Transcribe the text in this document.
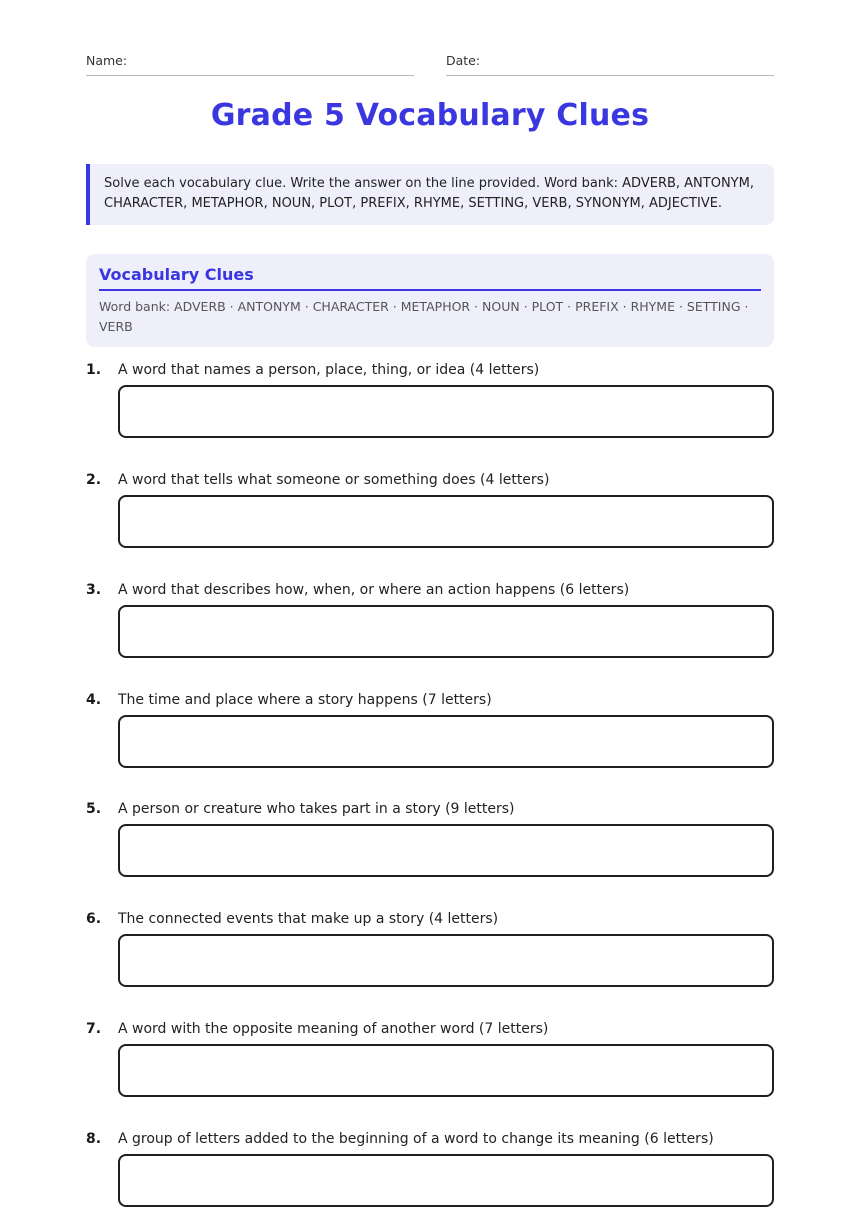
Name:	Date:
Grade 5 Vocabulary Clues
Solve each vocabulary clue. Write the answer on the line provided. Word bank: ADVERB, ANTONYM, CHARACTER, METAPHOR, NOUN, PLOT, PREFIX, RHYME, SETTING, VERB, SYNONYM, ADJECTIVE.
Vocabulary Clues
Word bank: ADVERB · ANTONYM · CHARACTER · METAPHOR · NOUN · PLOT · PREFIX · RHYME · SETTING · VERB
1.	A word that names a person, place, thing, or idea (4 letters)
2.	A word that tells what someone or something does (4 letters)
3.	A word that describes how, when, or where an action happens (6 letters)
4.	The time and place where a story happens (7 letters)
5.	A person or creature who takes part in a story (9 letters)
6.	The connected events that make up a story (4 letters)
7.	A word with the opposite meaning of another word (7 letters)
8.	A group of letters added to the beginning of a word to change its meaning (6 letters)
